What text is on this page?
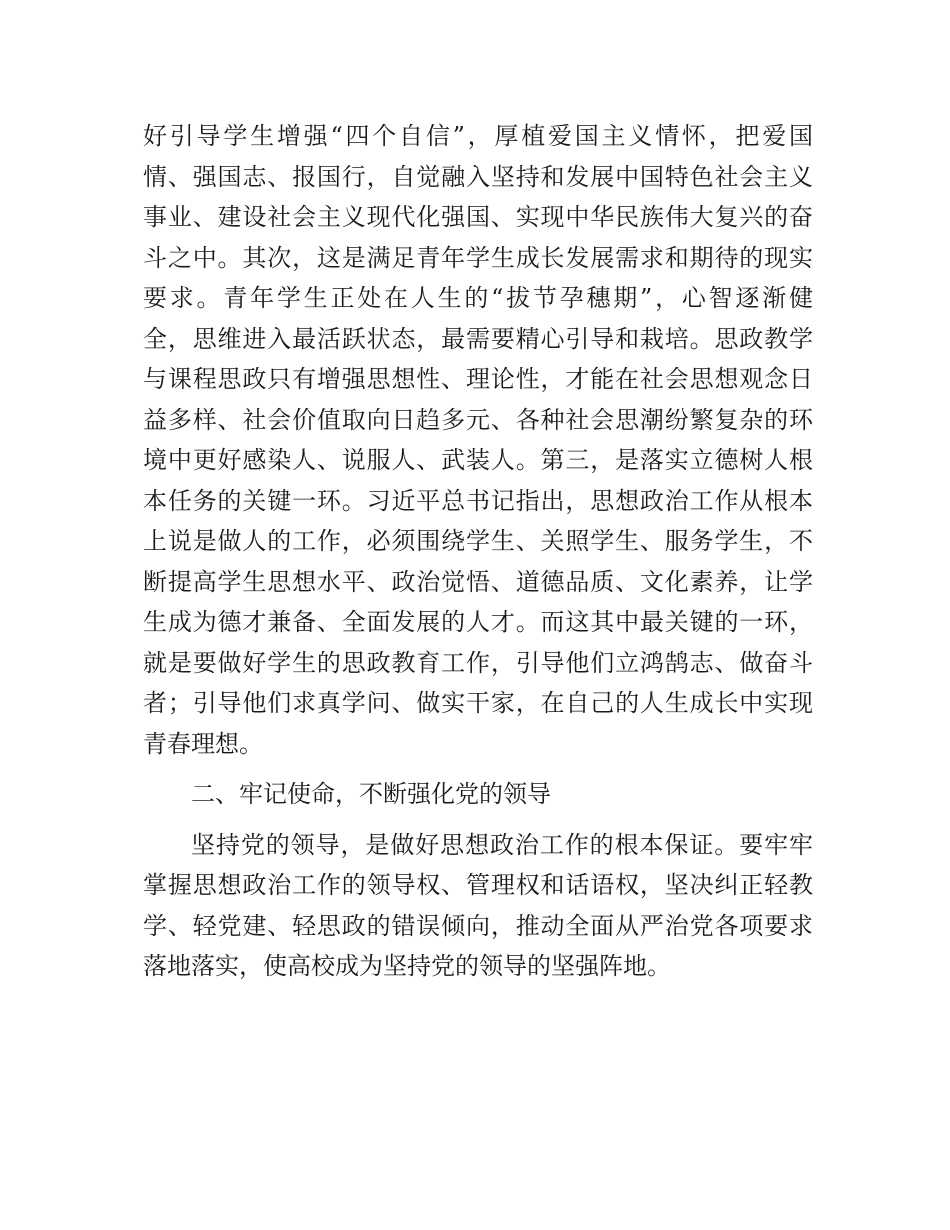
好引导学生增强“四个自信”，厚植爱国主义情怀，把爱国
情、强国志、报国行，自觉融入坚持和发展中国特色社会主义
事业、建设社会主义现代化强国、实现中华民族伟大复兴的奋
斗之中。其次，这是满足青年学生成长发展需求和期待的现实
要求。青年学生正处在人生的“拔节孕穗期”，心智逐渐健
全，思维进入最活跃状态，最需要精心引导和栽培。思政教学
与课程思政只有增强思想性、理论性，才能在社会思想观念日
益多样、社会价值取向日趋多元、各种社会思潮纷繁复杂的环
境中更好感染人、说服人、武装人。第三，是落实立德树人根
本任务的关键一环。习近平总书记指出，思想政治工作从根本
上说是做人的工作，必须围绕学生、关照学生、服务学生，不
断提高学生思想水平、政治觉悟、道德品质、文化素养，让学
生成为德才兼备、全面发展的人才。而这其中最关键的一环，
就是要做好学生的思政教育工作，引导他们立鸿鹄志、做奋斗
者；引导他们求真学问、做实干家，在自己的人生成长中实现
青春理想。
二、牢记使命，不断强化党的领导
坚持党的领导，是做好思想政治工作的根本保证。要牢牢
掌握思想政治工作的领导权、管理权和话语权，坚决纠正轻教
学、轻党建、轻思政的错误倾向，推动全面从严治党各项要求
落地落实，使高校成为坚持党的领导的坚强阵地。
